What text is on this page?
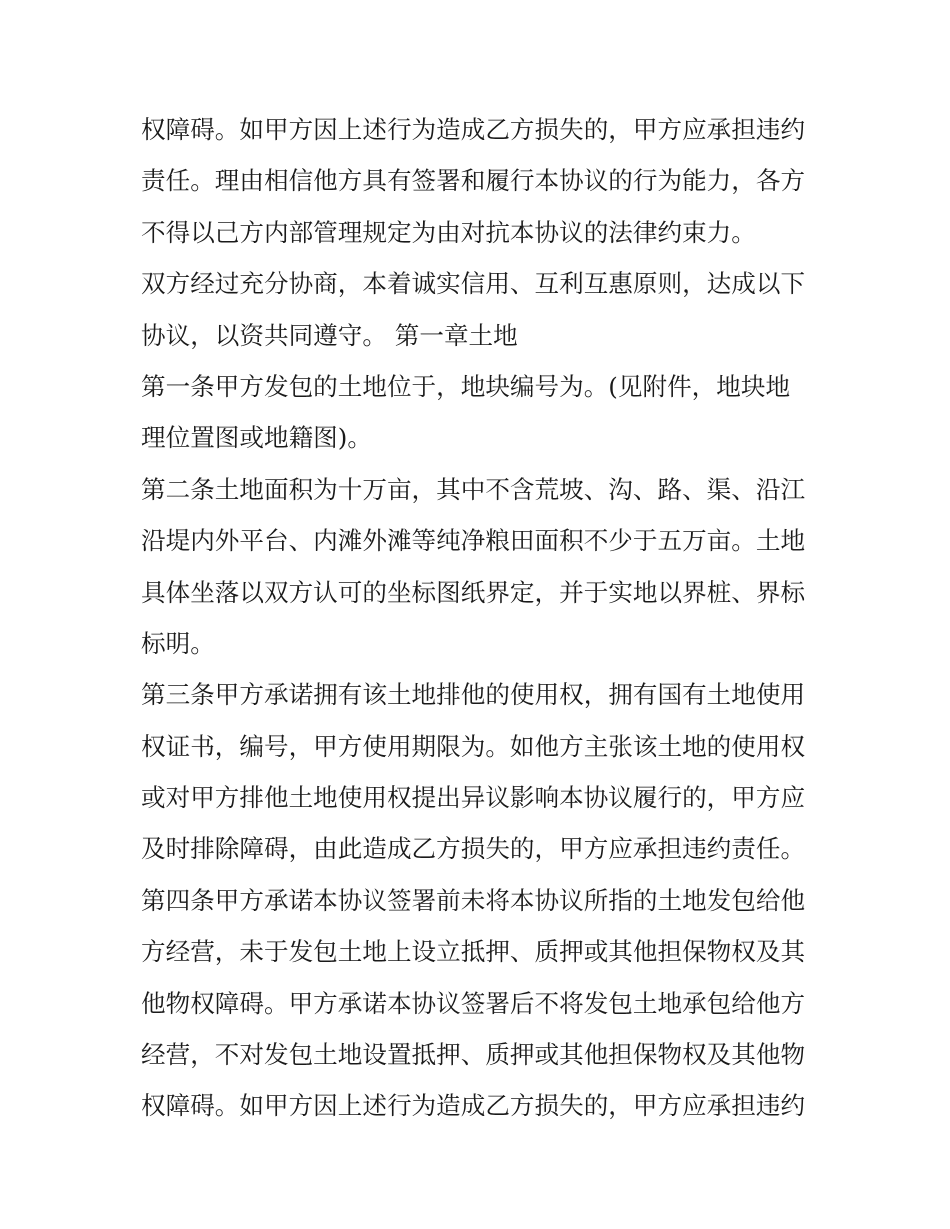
权障碍。如甲方因上述行为造成乙方损失的，甲方应承担违约
责任。理由相信他方具有签署和履行本协议的行为能力，各方
不得以己方内部管理规定为由对抗本协议的法律约束力。
双方经过充分协商，本着诚实信用、互利互惠原则，达成以下
协议，以资共同遵守。 第一章土地
第一条甲方发包的土地位于，地块编号为。(见附件，地块地
理位置图或地籍图)。
第二条土地面积为十万亩，其中不含荒坡、沟、路、渠、沿江
沿堤内外平台、内滩外滩等纯净粮田面积不少于五万亩。土地
具体坐落以双方认可的坐标图纸界定，并于实地以界桩、界标
标明。
第三条甲方承诺拥有该土地排他的使用权，拥有国有土地使用
权证书，编号，甲方使用期限为。如他方主张该土地的使用权
或对甲方排他土地使用权提出异议影响本协议履行的，甲方应
及时排除障碍，由此造成乙方损失的，甲方应承担违约责任。
第四条甲方承诺本协议签署前未将本协议所指的土地发包给他
方经营，未于发包土地上设立抵押、质押或其他担保物权及其
他物权障碍。甲方承诺本协议签署后不将发包土地承包给他方
经营，不对发包土地设置抵押、质押或其他担保物权及其他物
权障碍。如甲方因上述行为造成乙方损失的，甲方应承担违约
